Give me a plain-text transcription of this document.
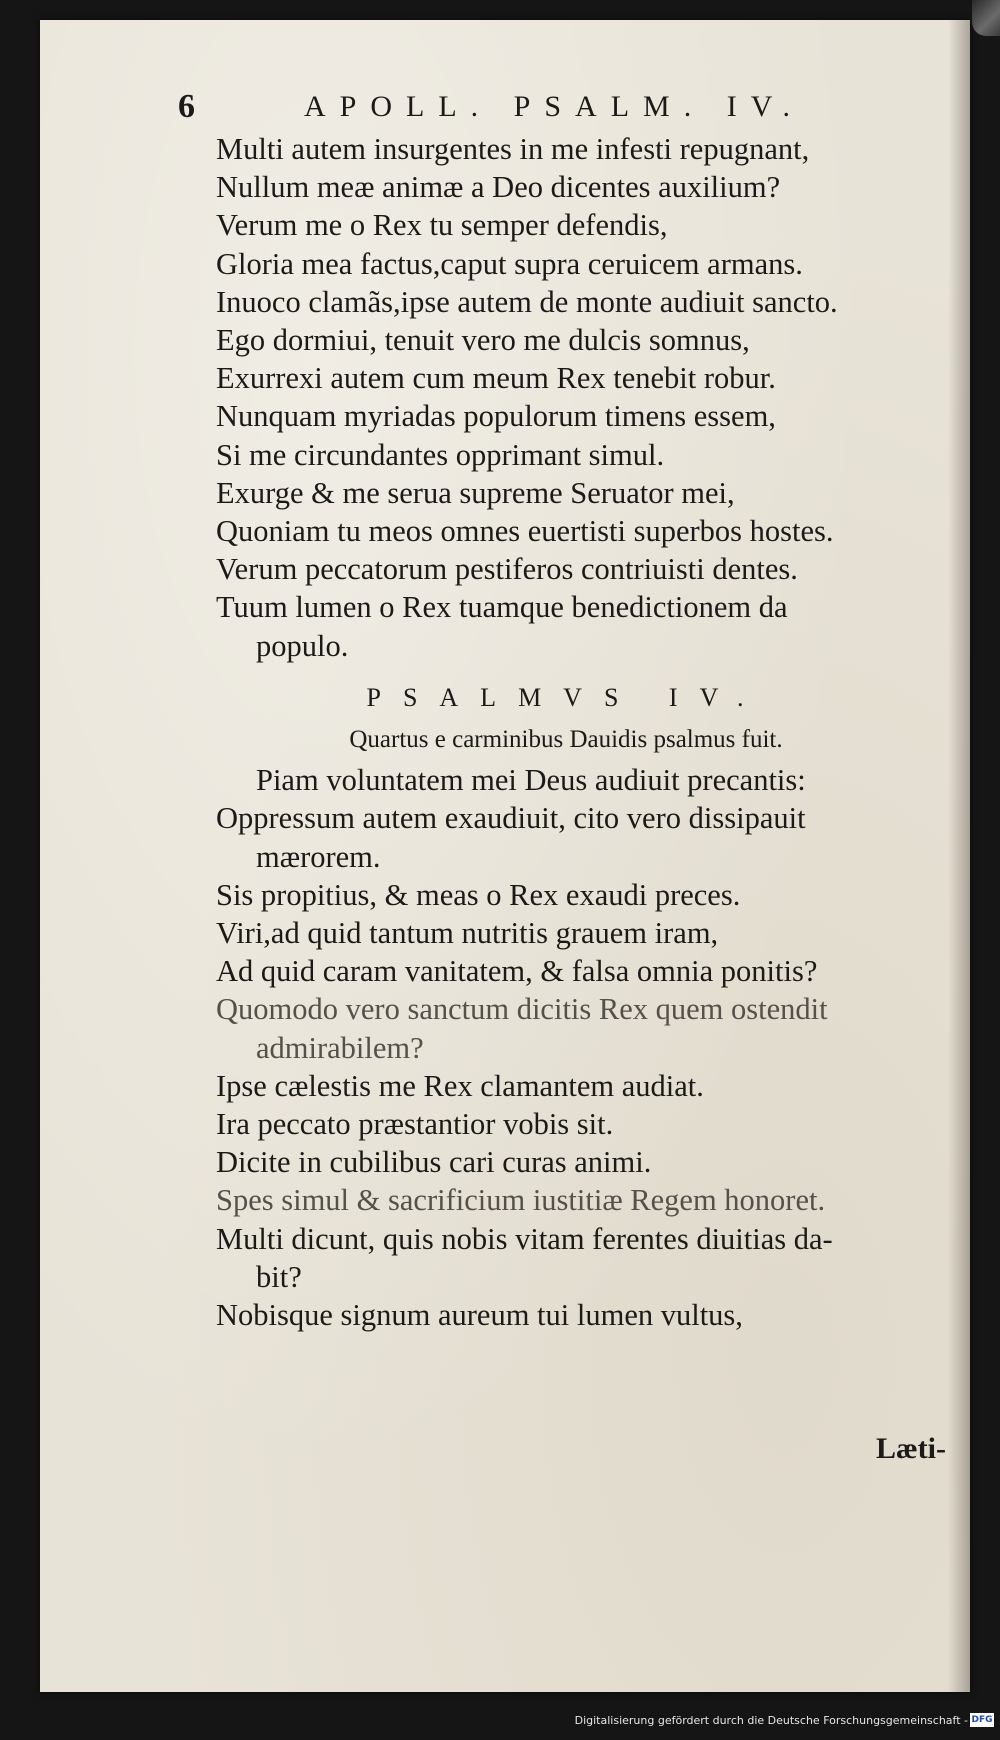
6	APOLL. PSALM. IV.
Multi autem insurgentes in me infesti repugnant,
Nullum meæ animæ a Deo dicentes auxilium?
Verum me o Rex tu semper defendis,
Gloria mea factus,caput supra ceruicem armans.
Inuoco clamãs,ipse autem de monte audiuit sancto.
Ego dormiui, tenuit vero me dulcis somnus,
Exurrexi autem cum meum Rex tenebit robur.
Nunquam myriadas populorum timens essem,
Si me circundantes opprimant simul.
Exurge & me serua supreme Seruator mei,
Quoniam tu meos omnes euertisti superbos hostes.
Verum peccatorum pestiferos contriuisti dentes.
Tuum lumen o Rex tuamque benedictionem da
populo.
PSALMVS IV.
Quartus e carminibus Dauidis psalmus fuit.
Piam voluntatem mei Deus audiuit precantis:
Oppressum autem exaudiuit, cito vero dissipauit
mærorem.
Sis propitius, & meas o Rex exaudi preces.
Viri,ad quid tantum nutritis grauem iram,
Ad quid caram vanitatem, & falsa omnia ponitis?
Quomodo vero sanctum dicitis Rex quem ostendit
admirabilem?
Ipse cælestis me Rex clamantem audiat.
Ira peccato præstantior vobis sit.
Dicite in cubilibus cari curas animi.
Spes simul & sacrificium iustitiæ Regem honoret.
Multi dicunt, quis nobis vitam ferentes diuitias da-
bit?
Nobisque signum aureum tui lumen vultus,
Læti-
Digitalisierung gefördert durch die Deutsche Forschungsgemeinschaft - DFG
